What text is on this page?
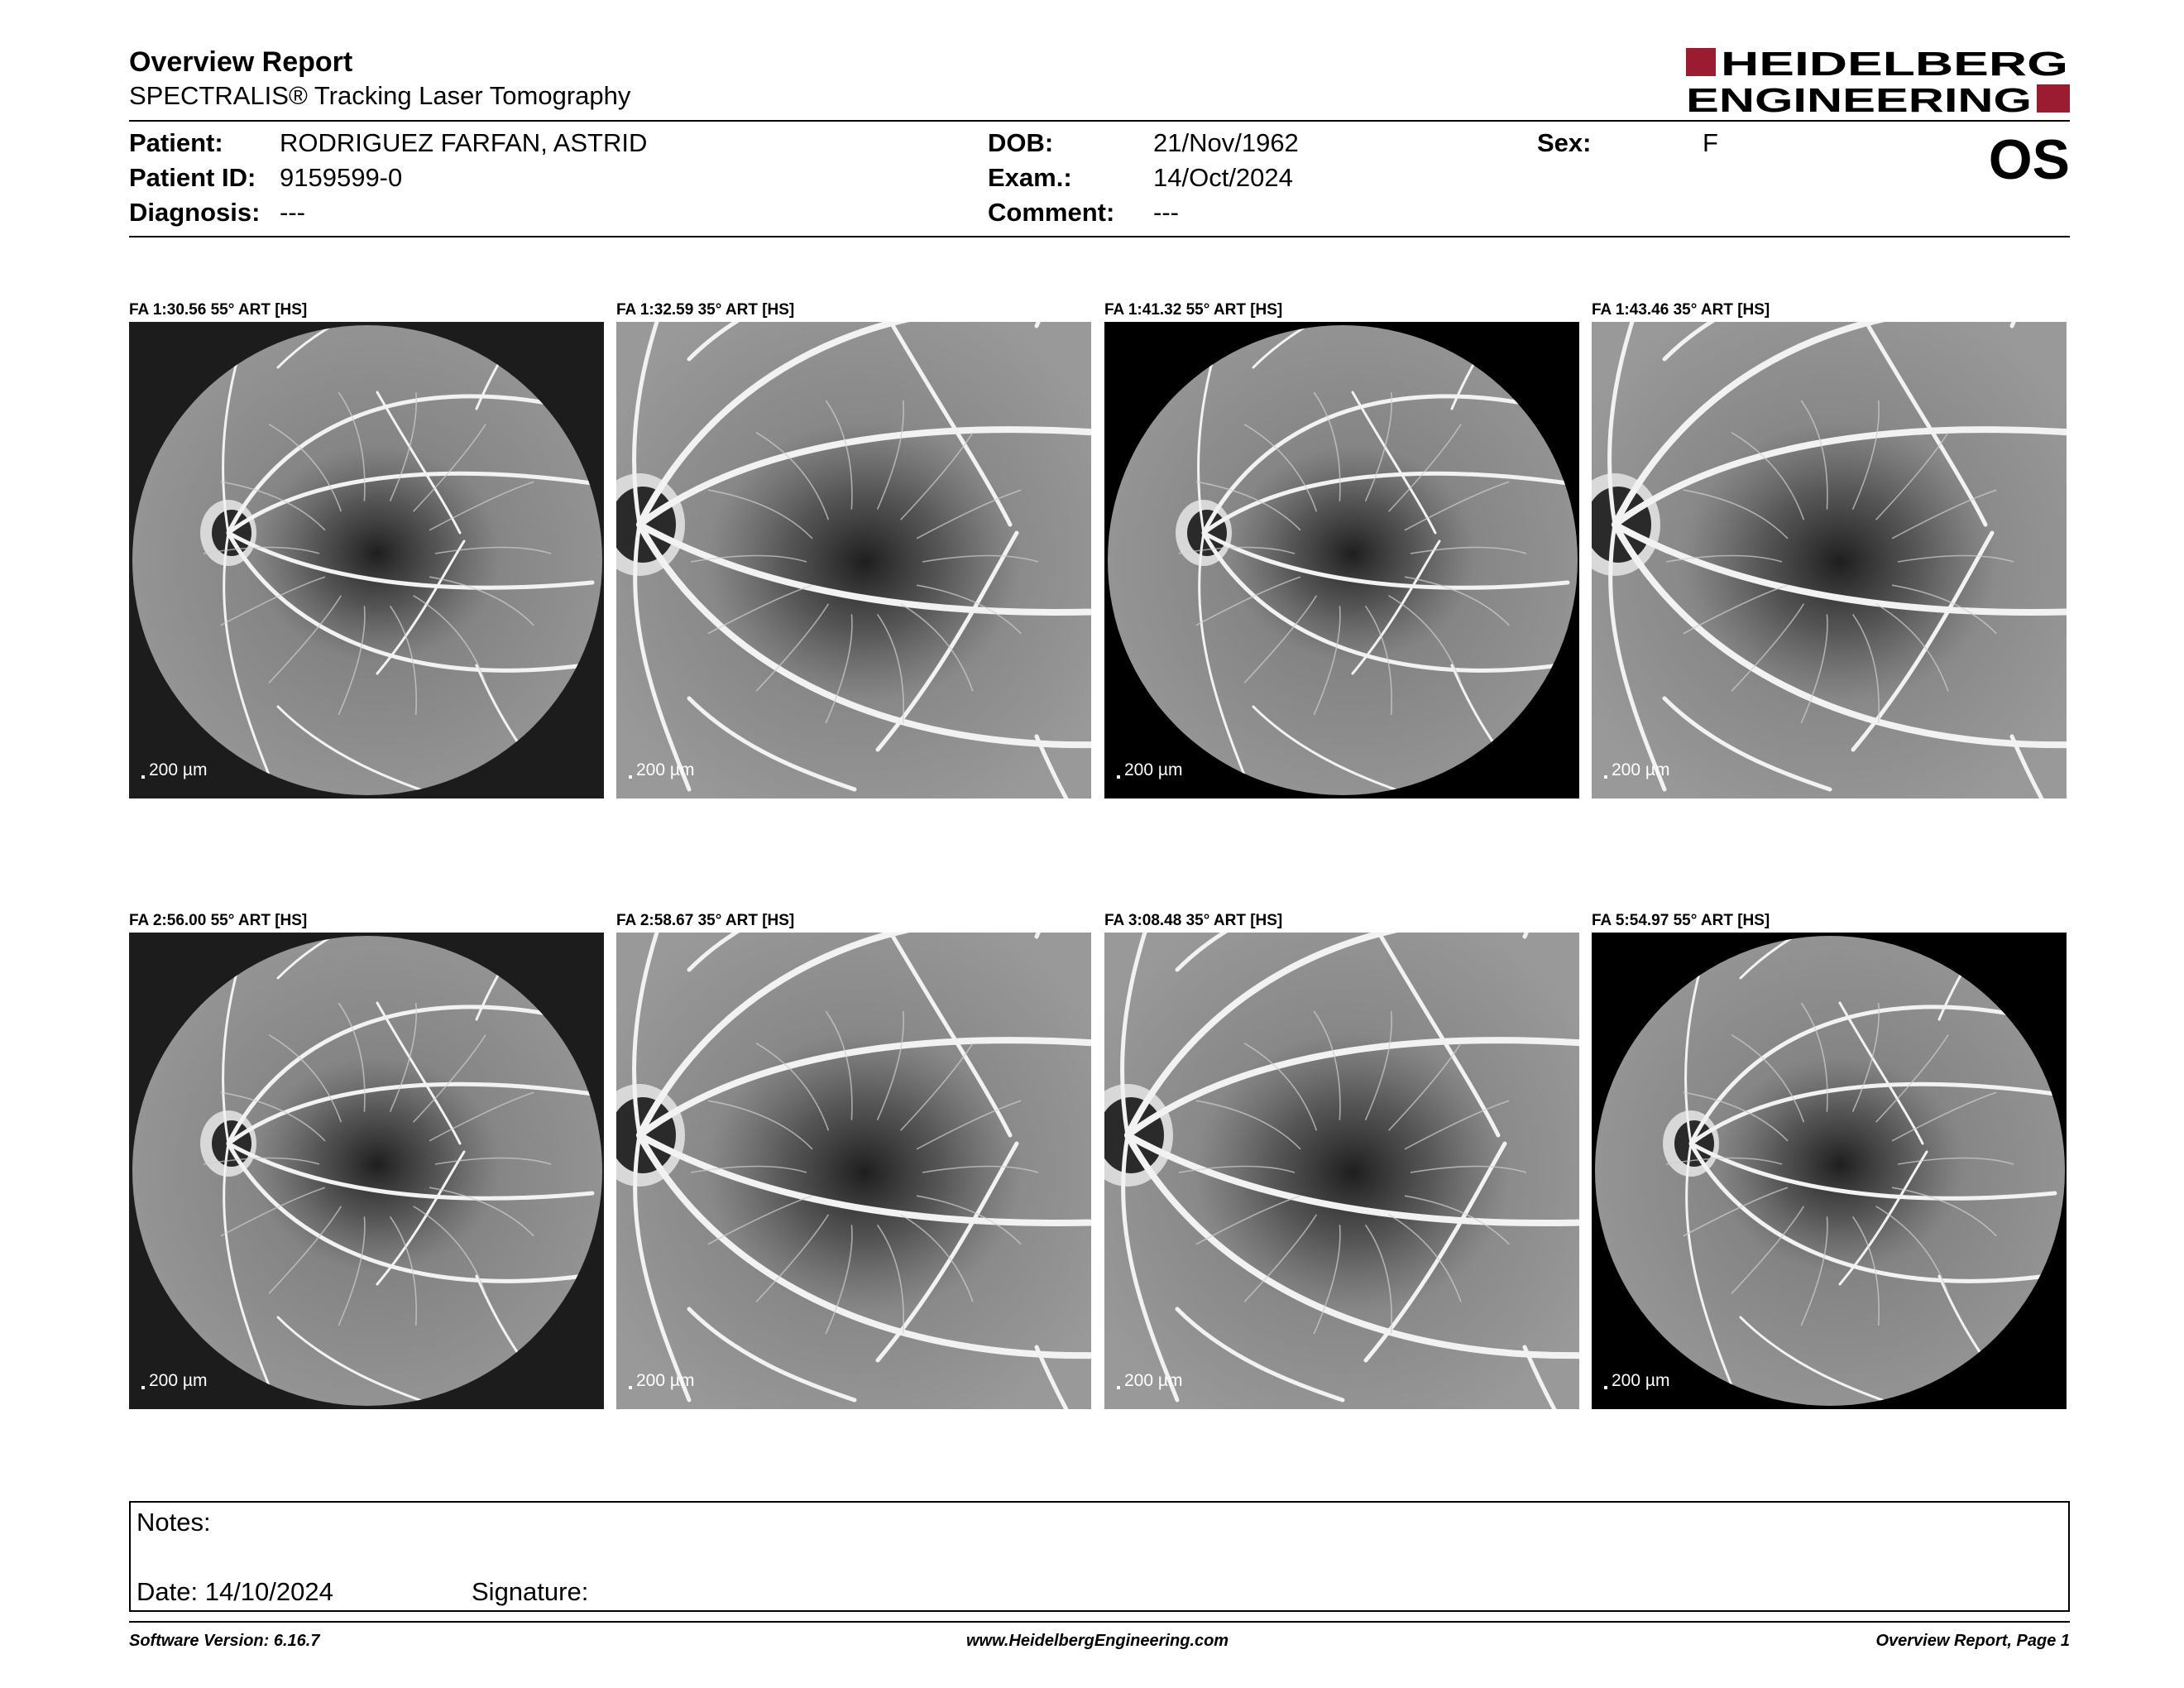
Overview Report
SPECTRALIS® Tracking Laser Tomography
HEIDELBERG
ENGINEERING
Patient: RODRIGUEZ FARFAN, ASTRID
Patient ID: 9159599-0
Diagnosis: ---
DOB:	21/Nov/1962
Exam.:	14/Oct/2024
Comment: ---
Sex:	F	OS
FA 1:30.56 55° ART [HS]
200 µm
FA 1:32.59 35° ART [HS]
200 µm
FA 1:41.32 55° ART [HS]
200 µm
FA 1:43.46 35° ART [HS]
200 µm
FA 2:56.00 55° ART [HS]
200 µm
FA 2:58.67 35° ART [HS]
200 µm
FA 3:08.48 35° ART [HS]
200 µm
FA 5:54.97 55° ART [HS]
200 µm
Notes:
Date: 14/10/2024	Signature:
Software Version: 6.16.7	www.HeidelbergEngineering.com	Overview Report, Page 1
